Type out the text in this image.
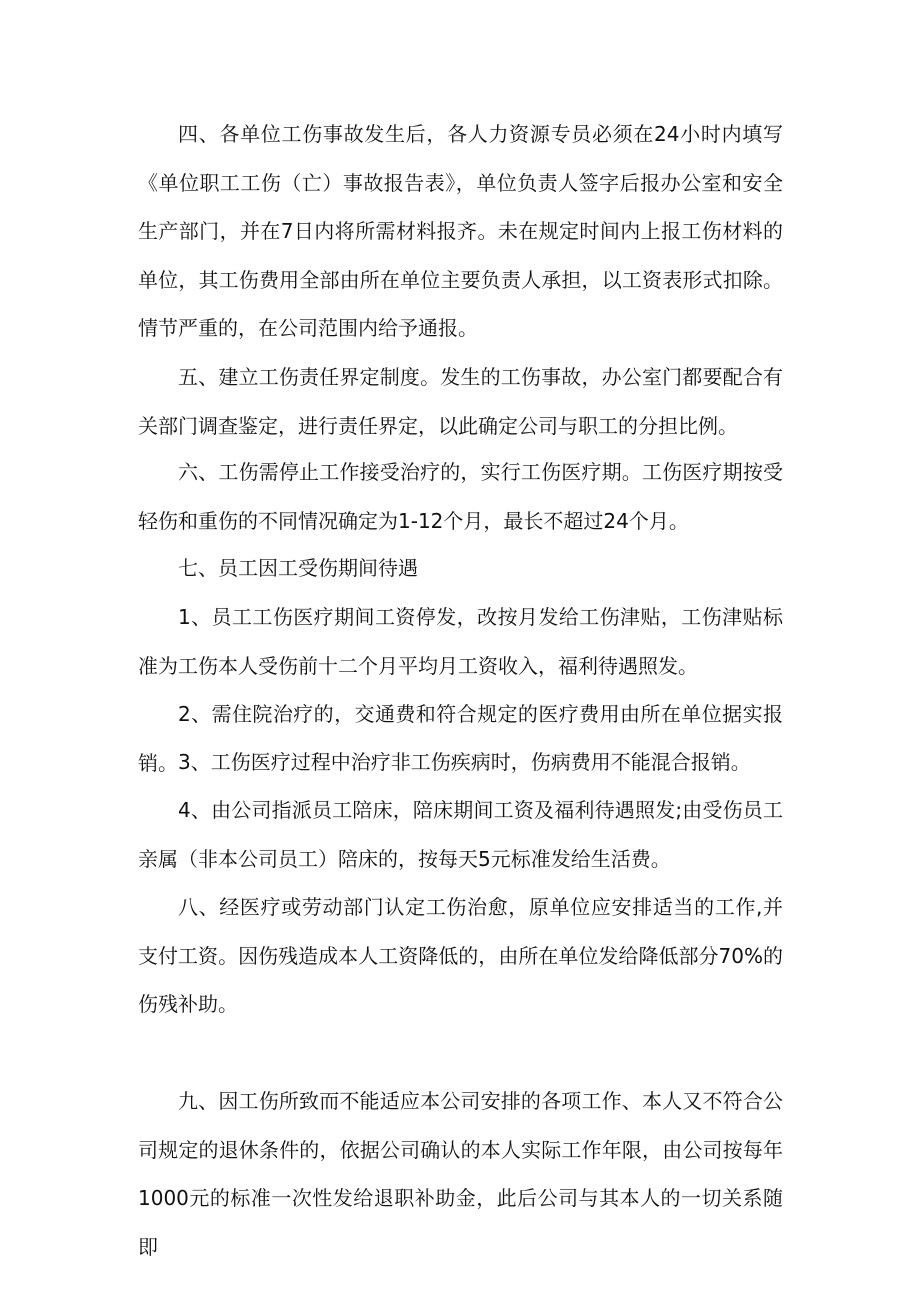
四、各单位工伤事故发生后，各人力资源专员必须在24小时内填写《单位职工工伤（亡）事故报告表》，单位负责人签字后报办公室和安全生产部门，并在7日内将所需材料报齐。未在规定时间内上报工伤材料的单位，其工伤费用全部由所在单位主要负责人承担，以工资表形式扣除。情节严重的，在公司范围内给予通报。

五、建立工伤责任界定制度。发生的工伤事故，办公室门都要配合有关部门调查鉴定，进行责任界定，以此确定公司与职工的分担比例。

六、工伤需停止工作接受治疗的，实行工伤医疗期。工伤医疗期按受轻伤和重伤的不同情况确定为1-12个月，最长不超过24个月。

七、员工因工受伤期间待遇

1、员工工伤医疗期间工资停发，改按月发给工伤津贴，工伤津贴标准为工伤本人受伤前十二个月平均月工资收入，福利待遇照发。

2、需住院治疗的，交通费和符合规定的医疗费用由所在单位据实报销。 3、工伤医疗过程中治疗非工伤疾病时，伤病费用不能混合报销。

4、由公司指派员工陪床，陪床期间工资及福利待遇照发;由受伤员工亲属（非本公司员工）陪床的，按每天5元标准发给生活费。

八、经医疗或劳动部门认定工伤治愈，原单位应安排适当的工作,并支付工资。因伤残造成本人工资降低的，由所在单位发给降低部分70%的伤残补助。

九、因工伤所致而不能适应本公司安排的各项工作、本人又不符合公司规定的退休条件的，依据公司确认的本人实际工作年限，由公司按每年1000元的标准一次性发给退职补助金，此后公司与其本人的一切关系随即
